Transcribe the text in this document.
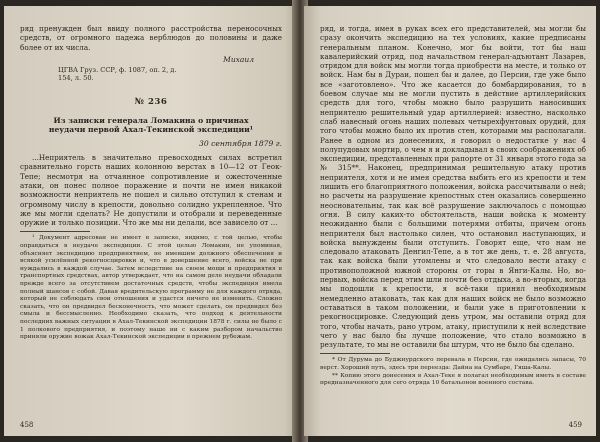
ряд пренужден был ввиду полного расстройства переносочных средств, от огромного падежа верблюдов до половины и даже более от их числа.

Михаил

ЦГВА Груз. ССР, ф. 1087, оп. 2, д. 154, л. 50.

№ 236

Из записки генерала Ломакина о причинах неудачи первой Ахал-Текинской экспедиции¹

30 сентября 1879 г.

...Неприятель в значительно превосходных силах встретил сравнительно горсть наших колонною верстах в 10—12 от Геок-Тепе; несмотря на отчаянное сопротивление и ожесточенные атаки, он понес полное поражение и почти не имея никакой возможности неприятель не пошел и сильно отступил к стенам и огромному числу в крепости, довольно солидно укрепленное. Что же мы могли сделать? Не допустили и отобрали и переведенные оружие и только позиции. Что же мы ни делали, все зависело от ...

¹ Документ адресован не имеет в записке, видимо, с той целью, чтобы оправдаться в неудаче экспедиции. С этой целью Ломакин, не упоминая, объясняет экспедицию предпринятием, не имевшим должного обеспечения и всякой усилённой рекогносцировки и, что в довершение всего, войска не при нуждались в каждой случае. Затем вследствие на своем мощи и предприятия в транспортных средствах, автор утверждает, что на самом деле неудачи обладали прежде всего за отсутствием достаточных средств, чтобы экспедиция имела полный шансов с собой. Давая вредительскую программу не для каждого отряда, который не соблюдать свои отношения и удастся ничего не изменить. Сложно сказать, что он предвидел бесконечность, что может сделать, он предвидел без смыла и бессмысленно. Необходимо сказать, что подход к деятельности последних важных ситуации в Ахал-Текинской экспедиции 1878 г. силы не было с 1 полкового предприятия, и поэтому наше ни с каким разбором начальство приняли оружие вожак Ахал-Текинской экспедиции в прежнем рубежам.

458

ряд, и тогда, имея в руках всех его представителей, мы могли бы сразу окончить экспедицию на тех условиях, какие предписаны генеральным планом. Конечно, мог бы войти, тот бы наш кавалерийский отряд, под начальством генерал-адъютант Лазарев, отрядом для войск мы могли тогда приобрести на месте, и только от войск. Нам бы в Дураи, пошел бы и далее, до Персии, где уже было все «заготовлено». Что же касается до бомбардирования, то в боевом случае мы не могли пустить в действие артиллерийских средств для того, чтобы можно было разрушить наносивших неприятелю решительный удар артиллерией: известно, насколько слаб навесный огонь наших полевых четырехфунтовых орудий, для того чтобы можно было их против стен, которыми мы располагали. Ранее в одном из донесениях, я говорил о недостатке у нас 4 полупудовых мортир, о чем я и докладывал в своих соображениях об экспедиции, представленных при рапорте от 31 января этого года за № 315**. Наконец, предпринимая решительную атаку против неприятеля, хотя и не имея средства выбить его из крепости и тем лишить его благоприятного положения, войска рассчитывали о ней; но расчеты на разрушение крепостных стен оказались совершенно неосновательны, так как всё разрушение заключалось с помощью огня. В силу каких-то обстоятельств, наши войска к моменту неожиданно были с большими потерями отбиты, причем огонь неприятеля был настолько силен, что остановил наступающих, и войска вынуждены были отступить. Говорят еще, что нам не следовало атаковать Денгил-Тепе, а в тот же день, т. е. 28 августа, так как войска были утомлены и что следовало вести атаку с противоположной южной стороны от горы в Янги-Калы. Но, во-первых, войска перед этим шли почти без отдыха, а во-вторых, когда мы подошли к крепости, я всё-таки принял необходимым немедленно атаковать, так как для наших войск не было возможно оставаться в таком положении, и были уже в приготовлении к рекогносцировке. Следующий день утром, мы оставили отряд для того, чтобы начать, рано утром, атаку, приступили к ней вследствие чего у нас было бы лучше положение, что стало возможно в результате, то мы не оставили бы штурм, что не было бы сделано.

* От Дурума до Буджнурдского перевала в Персии, где ожидались запасы, 70 верст. Хороший путь, здесь три переезда: Дайна на Сумбаре, Гяша-Калы.

** Копию этого донесения в Ахал-Теке я полагал необходимым иметь в составе предназначенного для сего отряда 10 батальонов военного состава.

459
